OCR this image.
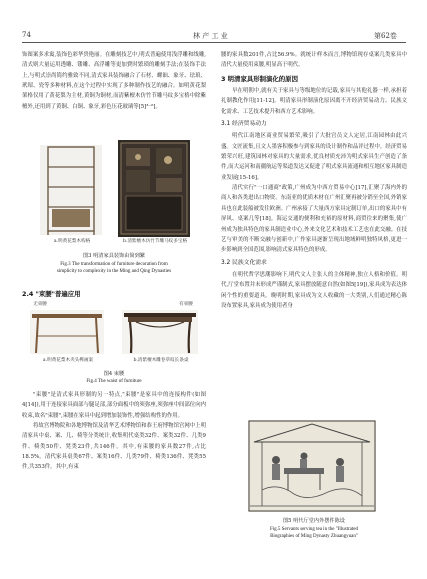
74	林 产 工 业	第62卷

饰图案多求寓,装饰色彩华贵艳丽。在雕刻技艺中,明式普遍使用浅浮雕和线雕,清式则大量运用透雕、镂雕、高浮雕等更加費时繁琐的雕刻手法;在装饰手法上,与明式崇尚简约雅致不同,清式家具装饰融合了石材、螺钿、象牙、珐琅、玳瑁、瓷等多种材料,在这个过程中实现了多种制作技艺的融合。如明黄花梨架格仅用了黄花梨为主材,黄铜为铜材,而清紫檀木仿竹节雕马纹多宝格中除紫檀外,还用到了黄铜、白铜、象牙,彩色压花玻璃等[5]³⁻⁶]。

a.明黄花梨木构格	b.清紫檀木仿竹节雕马纹多宝格
图3 明清家具装饰由简到繁
Fig.3 The transformation of furniture decoration from
simplicity to complexity in the Ming and Qing Dynasties
2.4 "束腰"普遍应用
无束腰	有束腰
a.明黄花梨木夹头榫画案	b.清紫檀木雕卷草纹长条桌
图4 束腰
Fig.4 The waist of furniture

"束腰"是清式家具形制的另一特点,"束腰"是家具中的连接构件(如图4[14]),用于连接家具面部与腿足部,部分面板中的须弥座,须弥座中间部位向内收束,故名"束腰",束腰在家具中起到增加装饰性,增强结构性的作用。

将故宫博物院和各地博物馆及清华艺术博物馆和恭王府博物馆官网中上明清家具中桌、案、几、椅等分类统计,收集明代桌类32件、案类32件、几类9件、椅类50件、凳类23件,共146件。其中,有束腰的家具数27件,占比18.5%。清代家具桌类67件、案类16件、几类79件、椅类136件、凳类55件,共353件。其中,有束

腰的家具数201件,占比56.9%。就统计样本而言,博物馆现存桌案几类家具中清代大量使用束腰,明显高于明代。

3 明清家具形制演化的原因

早在明朝中,就有关于家具与等级地位的记载,家具与其他礼器一样,承担着礼制教化作用[11-12]。明清家具形制演化原因离不开经济贸易动力、民族文化需求、工艺技术提升和西方艺术影响。

3.1 经济贸易动力

明代江南地区商业贸易繁荣,吸引了大批官员文人定居,江南园林由此兴盛。文匠流集,且文人墨客积极参与到家具的设计制作和品评过程中。经济贸易繁荣兴旺,建筑园林对家具的大量需求,优良材质充沛为明式家具生产创造了条件,而大运河和南疆航运等渠道发达又促进了明式家具流通和相互地区家具制造业发展[15-16]。

清代实行"一口通商"政策,广州成为中西方贸易中心[17],汇聚了海内外的商人和各类进出口物资。东南亚的优质木材在广州汇聚再被分销至全国,外销家具也在此装船被发往欧洲。广州承接了大量西方家具定制订单,出口的家具中有屏风、桌案几等[18]。海运交通的便利和充裕的原材料,商贸往来的聚集,使广州成为独具特色的家具制造业中心,外来文化艺术和技术工艺也在此交融。在技艺与审美的不断交融与创新中,广作家具逐渐呈现出地域鲜明独特风格,更进一步影响到全国范围,影响清式家具特色的形成。

3.2 民族文化需求

在明代哲学思潮影响下,明代文人主张人的主体精神,独立人格和价值。明代,厅堂布置并未形成严谨制式,家具摆放随意自然(如图5[19]),家具成为表达体闲个性的重要道具。晚明时期,家具成为文人收藏的一大类别,人们通过精心陈设布置家具,家具成为使用者身

图5 明代厅堂内外摆件陈设
Fig.5 Servants serving tea in the "Illustrated
Biographies of Ming Dynasty Zhuangyuan"
